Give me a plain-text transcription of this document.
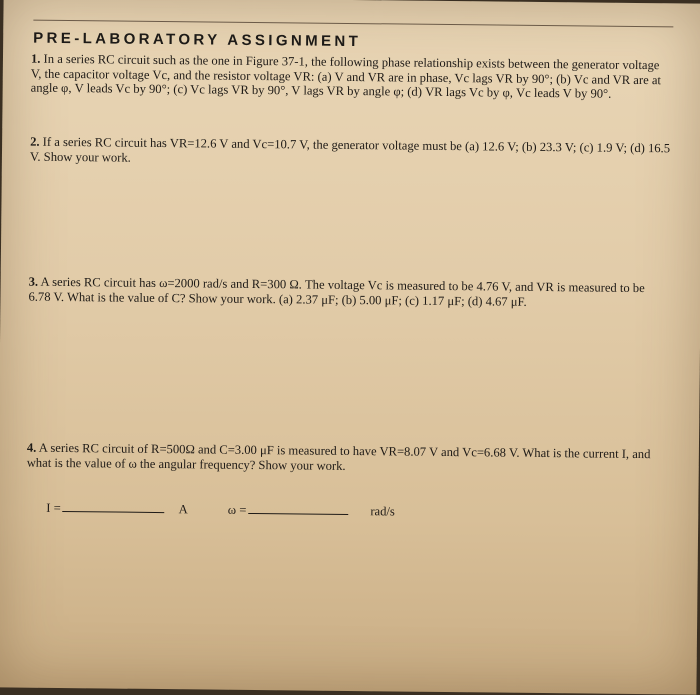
PRE-LABORATORY ASSIGNMENT
1. In a series RC circuit such as the one in Figure 37-1, the following phase relationship exists between the generator voltage V, the capacitor voltage Vc, and the resistor voltage VR: (a) V and VR are in phase, Vc lags VR by 90°; (b) Vc and VR are at angle φ, V leads Vc by 90°; (c) Vc lags VR by 90°, V lags VR by angle φ; (d) VR lags Vc by φ, Vc leads V by 90°.
2. If a series RC circuit has VR=12.6 V and Vc=10.7 V, the generator voltage must be (a) 12.6 V; (b) 23.3 V; (c) 1.9 V; (d) 16.5 V. Show your work.
3. A series RC circuit has ω=2000 rad/s and R=300 Ω. The voltage Vc is measured to be 4.76 V, and VR is measured to be 6.78 V. What is the value of C? Show your work. (a) 2.37 μF; (b) 5.00 μF; (c) 1.17 μF; (d) 4.67 μF.
4. A series RC circuit of R=500Ω and C=3.00 μF is measured to have VR=8.07 V and Vc=6.68 V. What is the current I, and what is the value of ω the angular frequency? Show your work.
I =	A	ω =	rad/s
